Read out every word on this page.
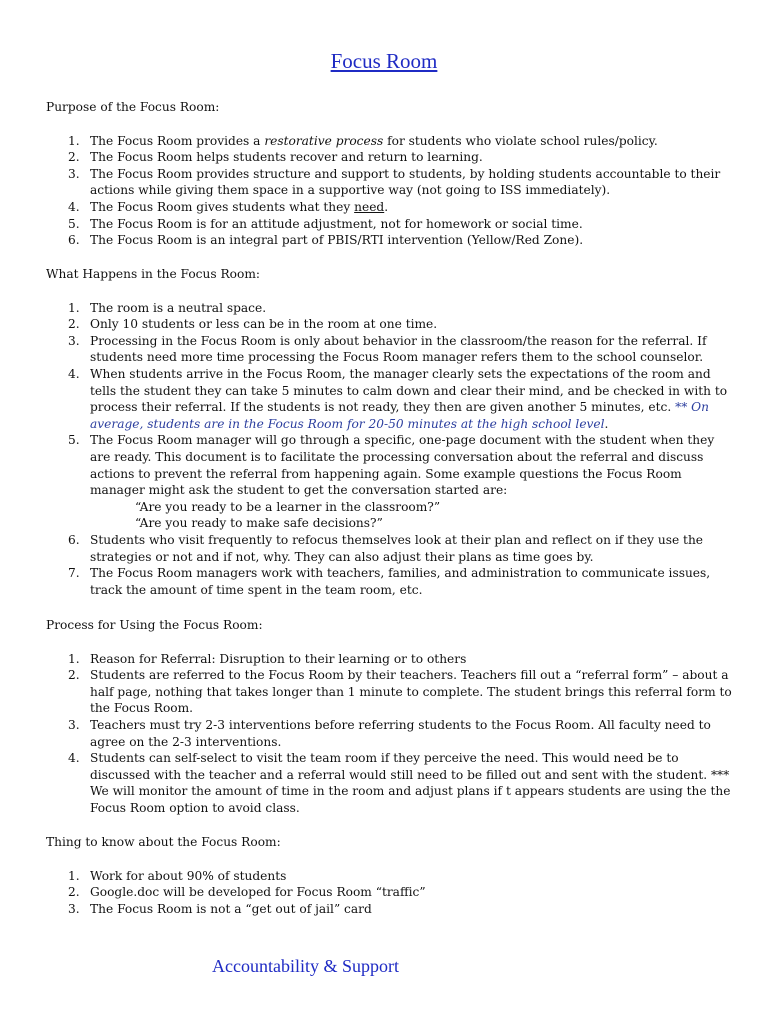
Focus Room

Purpose of the Focus Room:

1. The Focus Room provides a restorative process for students who violate school rules/policy.
2. The Focus Room helps students recover and return to learning.
3. The Focus Room provides structure and support to students, by holding students accountable to their actions while giving them space in a supportive way (not going to ISS immediately).
4. The Focus Room gives students what they need.
5. The Focus Room is for an attitude adjustment, not for homework or social time.
6. The Focus Room is an integral part of PBIS/RTI intervention (Yellow/Red Zone).

What Happens in the Focus Room:

1. The room is a neutral space.
2. Only 10 students or less can be in the room at one time.
3. Processing in the Focus Room is only about behavior in the classroom/the reason for the referral. If students need more time processing the Focus Room manager refers them to the school counselor.
4. When students arrive in the Focus Room, the manager clearly sets the expectations of the room and tells the student they can take 5 minutes to calm down and clear their mind, and be checked in with to process their referral. If the students is not ready, they then are given another 5 minutes, etc. ** On average, students are in the Focus Room for 20-50 minutes at the high school level.
5. The Focus Room manager will go through a specific, one-page document with the student when they are ready. This document is to facilitate the processing conversation about the referral and discuss actions to prevent the referral from happening again. Some example questions the Focus Room manager might ask the student to get the conversation started are:
“Are you ready to be a learner in the classroom?”
“Are you ready to make safe decisions?”
6. Students who visit frequently to refocus themselves look at their plan and reflect on if they use the strategies or not and if not, why. They can also adjust their plans as time goes by.
7. The Focus Room managers work with teachers, families, and administration to communicate issues, track the amount of time spent in the team room, etc.

Process for Using the Focus Room:

1. Reason for Referral: Disruption to their learning or to others
2. Students are referred to the Focus Room by their teachers. Teachers fill out a “referral form” – about a half page, nothing that takes longer than 1 minute to complete. The student brings this referral form to the Focus Room.
3. Teachers must try 2-3 interventions before referring students to the Focus Room. All faculty need to agree on the 2-3 interventions.
4. Students can self-select to visit the team room if they perceive the need. This would need be to discussed with the teacher and a referral would still need to be filled out and sent with the student. *** We will monitor the amount of time in the room and adjust plans if t appears students are using the the Focus Room option to avoid class.

Thing to know about the Focus Room:

1. Work for about 90% of students
2. Google.doc will be developed for Focus Room “traffic”
3. The Focus Room is not a “get out of jail” card
Accountability & Support
